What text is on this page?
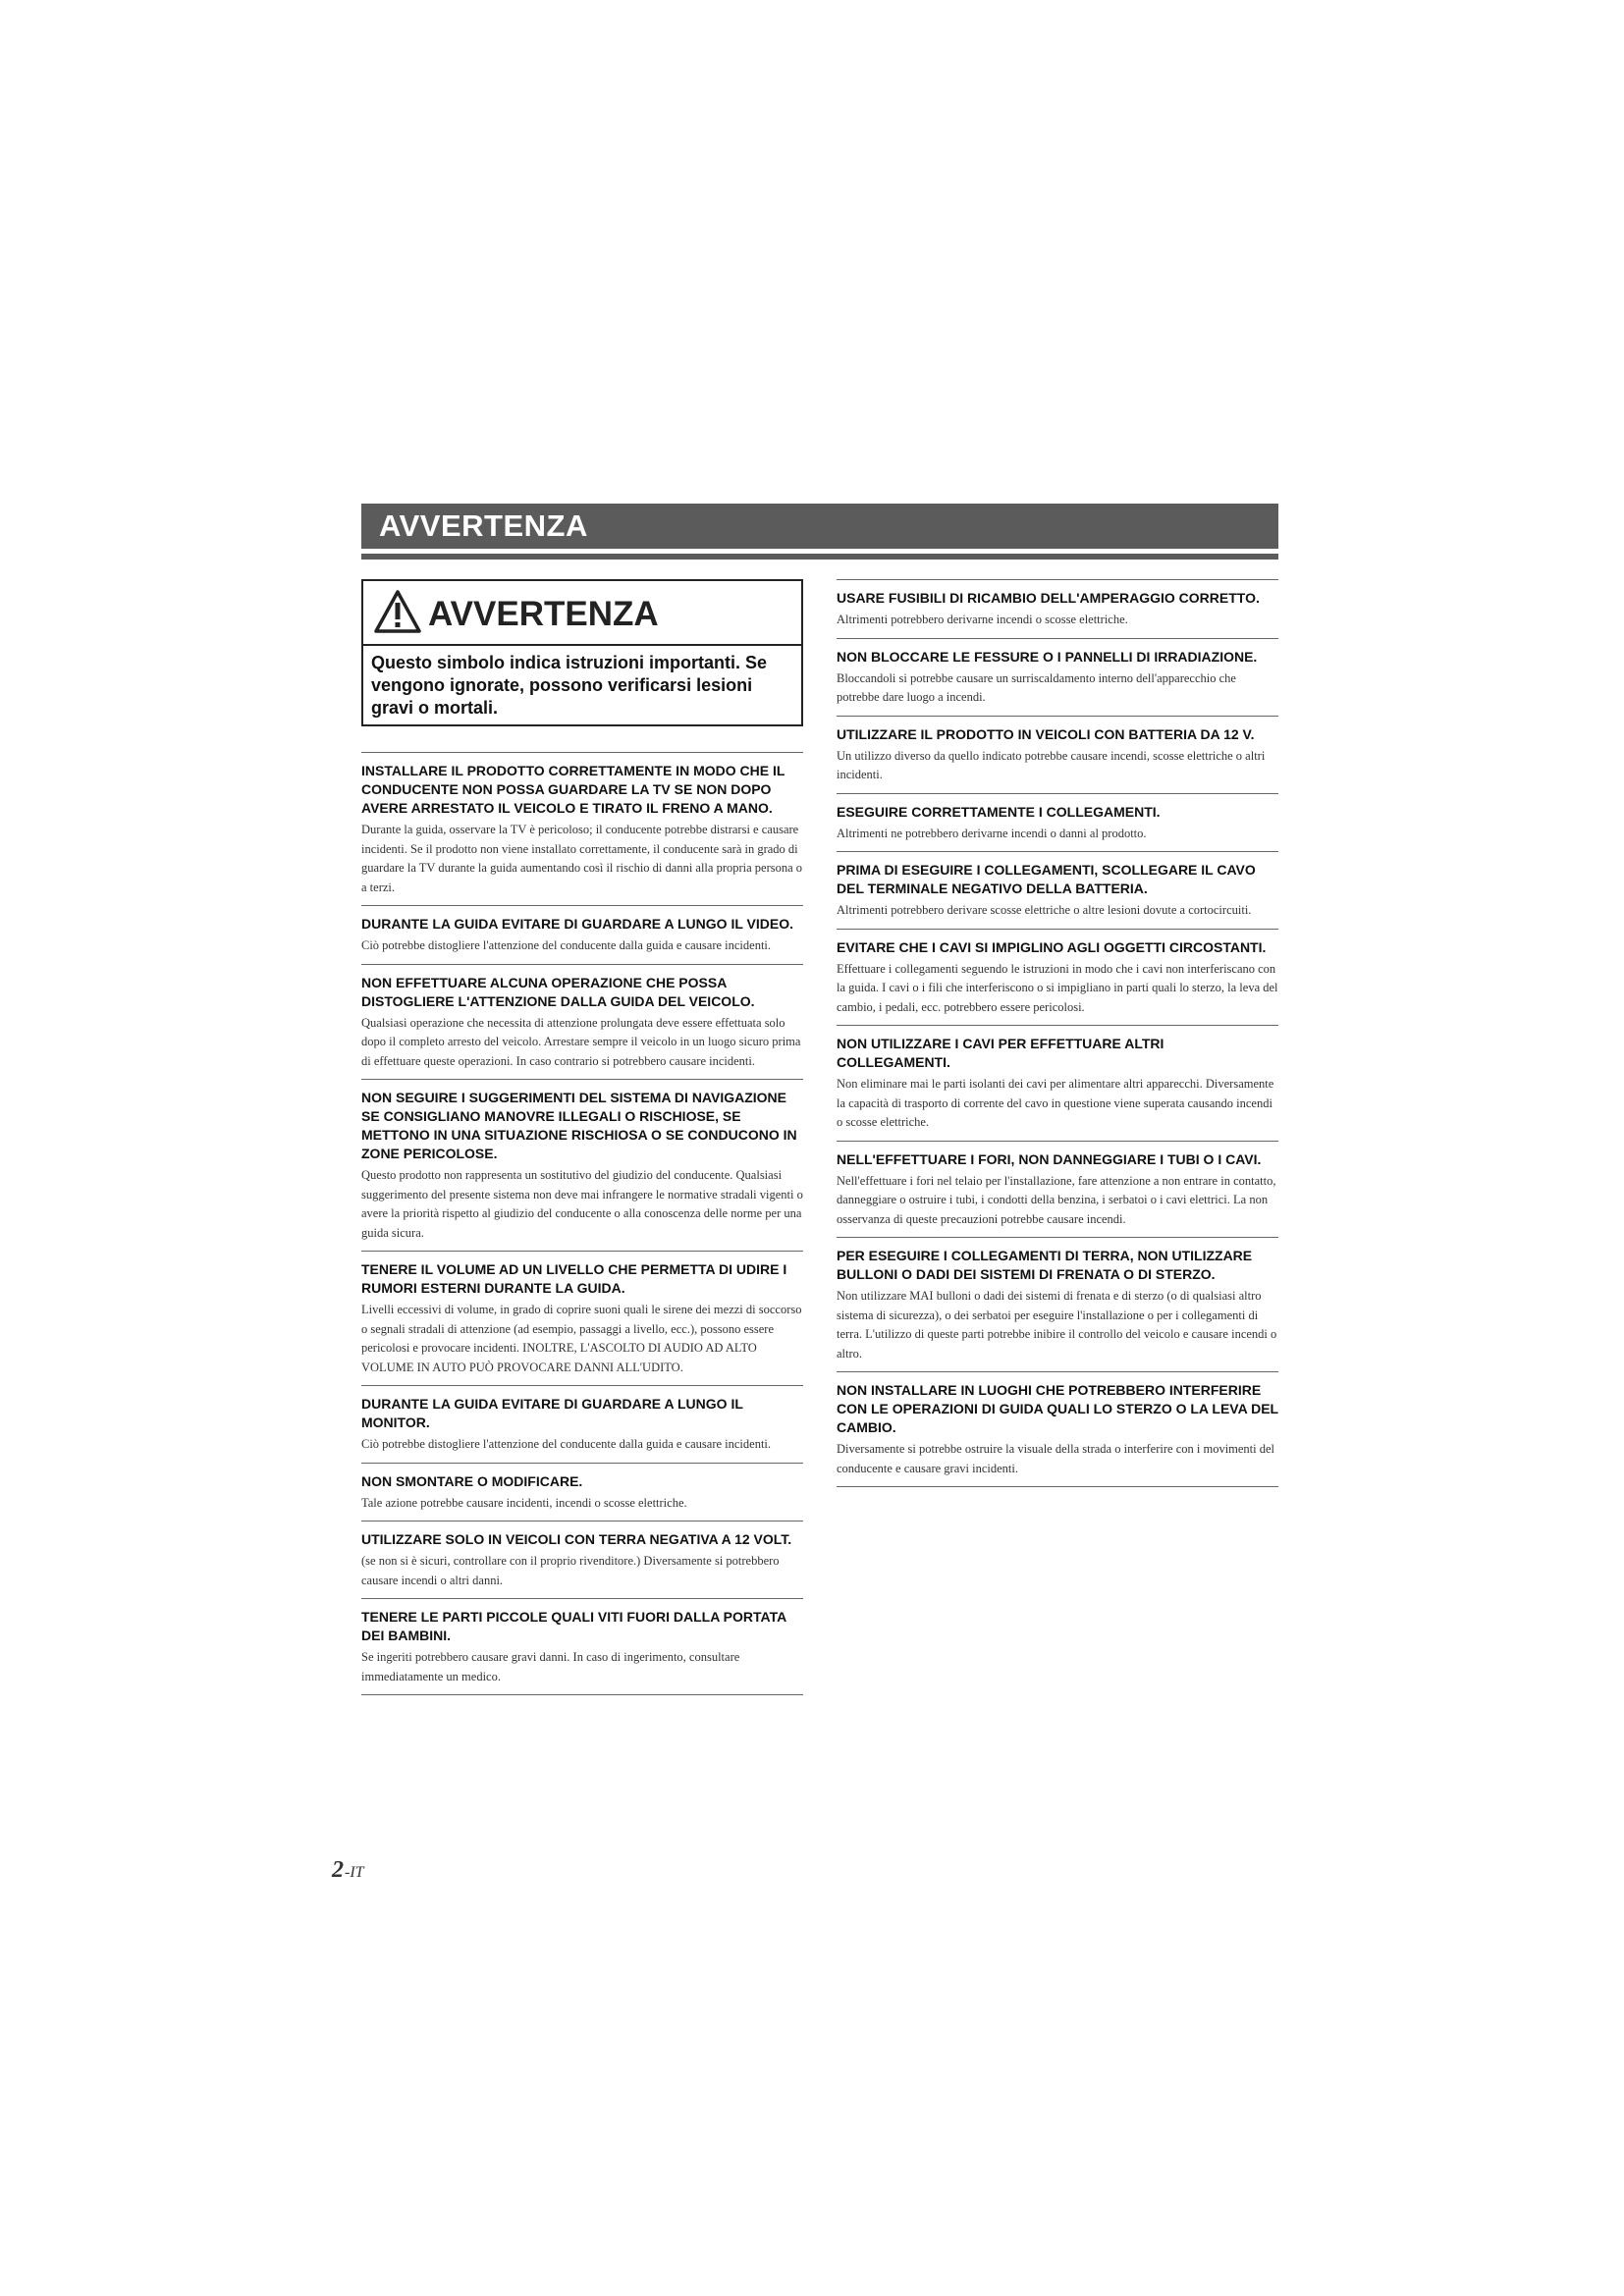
AVVERTENZA
AVVERTENZA
Questo simbolo indica istruzioni importanti. Se vengono ignorate, possono verificarsi lesioni gravi o mortali.
INSTALLARE IL PRODOTTO CORRETTAMENTE IN MODO CHE IL CONDUCENTE NON POSSA GUARDARE LA TV SE NON DOPO AVERE ARRESTATO IL VEICOLO E TIRATO IL FRENO A MANO.

Durante la guida, osservare la TV è pericoloso; il conducente potrebbe distrarsi e causare incidenti. Se il prodotto non viene installato correttamente, il conducente sarà in grado di guardare la TV durante la guida aumentando così il rischio di danni alla propria persona o a terzi.

DURANTE LA GUIDA EVITARE DI GUARDARE A LUNGO IL VIDEO.

Ciò potrebbe distogliere l'attenzione del conducente dalla guida e causare incidenti.

NON EFFETTUARE ALCUNA OPERAZIONE CHE POSSA DISTOGLIERE L'ATTENZIONE DALLA GUIDA DEL VEICOLO.

Qualsiasi operazione che necessita di attenzione prolungata deve essere effettuata solo dopo il completo arresto del veicolo. Arrestare sempre il veicolo in un luogo sicuro prima di effettuare queste operazioni. In caso contrario si potrebbero causare incidenti.

NON SEGUIRE I SUGGERIMENTI DEL SISTEMA DI NAVIGAZIONE SE CONSIGLIANO MANOVRE ILLEGALI O RISCHIOSE, SE METTONO IN UNA SITUAZIONE RISCHIOSA O SE CONDUCONO IN ZONE PERICOLOSE.

Questo prodotto non rappresenta un sostitutivo del giudizio del conducente. Qualsiasi suggerimento del presente sistema non deve mai infrangere le normative stradali vigenti o avere la priorità rispetto al giudizio del conducente o alla conoscenza delle norme per una guida sicura.

TENERE IL VOLUME AD UN LIVELLO CHE PERMETTA DI UDIRE I RUMORI ESTERNI DURANTE LA GUIDA.

Livelli eccessivi di volume, in grado di coprire suoni quali le sirene dei mezzi di soccorso o segnali stradali di attenzione (ad esempio, passaggi a livello, ecc.), possono essere pericolosi e provocare incidenti. INOLTRE, L'ASCOLTO DI AUDIO AD ALTO VOLUME IN AUTO PUÒ PROVOCARE DANNI ALL'UDITO.

DURANTE LA GUIDA EVITARE DI GUARDARE A LUNGO IL MONITOR.

Ciò potrebbe distogliere l'attenzione del conducente dalla guida e causare incidenti.

NON SMONTARE O MODIFICARE.

Tale azione potrebbe causare incidenti, incendi o scosse elettriche.

UTILIZZARE SOLO IN VEICOLI CON TERRA NEGATIVA A 12 VOLT.

(se non si è sicuri, controllare con il proprio rivenditore.) Diversamente si potrebbero causare incendi o altri danni.

TENERE LE PARTI PICCOLE QUALI VITI FUORI DALLA PORTATA DEI BAMBINI.

Se ingeriti potrebbero causare gravi danni. In caso di ingerimento, consultare immediatamente un medico.

USARE FUSIBILI DI RICAMBIO DELL'AMPERAGGIO CORRETTO.

Altrimenti potrebbero derivarne incendi o scosse elettriche.

NON BLOCCARE LE FESSURE O I PANNELLI DI IRRADIAZIONE.

Bloccandoli si potrebbe causare un surriscaldamento interno dell'apparecchio che potrebbe dare luogo a incendi.

UTILIZZARE IL PRODOTTO IN VEICOLI CON BATTERIA DA 12 V.

Un utilizzo diverso da quello indicato potrebbe causare incendi, scosse elettriche o altri incidenti.

ESEGUIRE CORRETTAMENTE I COLLEGAMENTI.

Altrimenti ne potrebbero derivarne incendi o danni al prodotto.

PRIMA DI ESEGUIRE I COLLEGAMENTI, SCOLLEGARE IL CAVO DEL TERMINALE NEGATIVO DELLA BATTERIA.

Altrimenti potrebbero derivare scosse elettriche o altre lesioni dovute a cortocircuiti.

EVITARE CHE I CAVI SI IMPIGLINO AGLI OGGETTI CIRCOSTANTI.

Effettuare i collegamenti seguendo le istruzioni in modo che i cavi non interferiscano con la guida. I cavi o i fili che interferiscono o si impigliano in parti quali lo sterzo, la leva del cambio, i pedali, ecc. potrebbero essere pericolosi.

NON UTILIZZARE I CAVI PER EFFETTUARE ALTRI COLLEGAMENTI.

Non eliminare mai le parti isolanti dei cavi per alimentare altri apparecchi. Diversamente la capacità di trasporto di corrente del cavo in questione viene superata causando incendi o scosse elettriche.

NELL'EFFETTUARE I FORI, NON DANNEGGIARE I TUBI O I CAVI.

Nell'effettuare i fori nel telaio per l'installazione, fare attenzione a non entrare in contatto, danneggiare o ostruire i tubi, i condotti della benzina, i serbatoi o i cavi elettrici. La non osservanza di queste precauzioni potrebbe causare incendi.

PER ESEGUIRE I COLLEGAMENTI DI TERRA, NON UTILIZZARE BULLONI O DADI DEI SISTEMI DI FRENATA O DI STERZO.

Non utilizzare MAI bulloni o dadi dei sistemi di frenata e di sterzo (o di qualsiasi altro sistema di sicurezza), o dei serbatoi per eseguire l'installazione o per i collegamenti di terra. L'utilizzo di queste parti potrebbe inibire il controllo del veicolo e causare incendi o altro.

NON INSTALLARE IN LUOGHI CHE POTREBBERO INTERFERIRE CON LE OPERAZIONI DI GUIDA QUALI LO STERZO O LA LEVA DEL CAMBIO.

Diversamente si potrebbe ostruire la visuale della strada o interferire con i movimenti del conducente e causare gravi incidenti.

2-IT
